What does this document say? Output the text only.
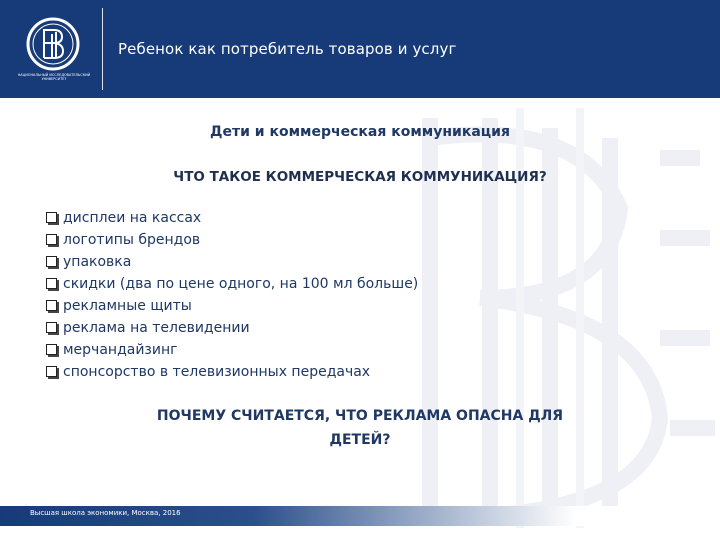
НАЦИОНАЛЬНЫЙ ИССЛЕДОВАТЕЛЬСКИЙ УНИВЕРСИТЕТ
Ребенок как потребитель товаров и услуг
Дети и коммерческая коммуникация
ЧТО ТАКОЕ КОММЕРЧЕСКАЯ КОММУНИКАЦИЯ?
дисплеи на кассах
логотипы брендов
упаковка
скидки (два по цене одного, на 100 мл больше)
рекламные щиты
реклама на телевидении
мерчандайзинг
спонсорство в телевизионных передачах
ПОЧЕМУ СЧИТАЕТСЯ, ЧТО РЕКЛАМА ОПАСНА ДЛЯ
ДЕТЕЙ?
Высшая школа экономики, Москва, 2016
